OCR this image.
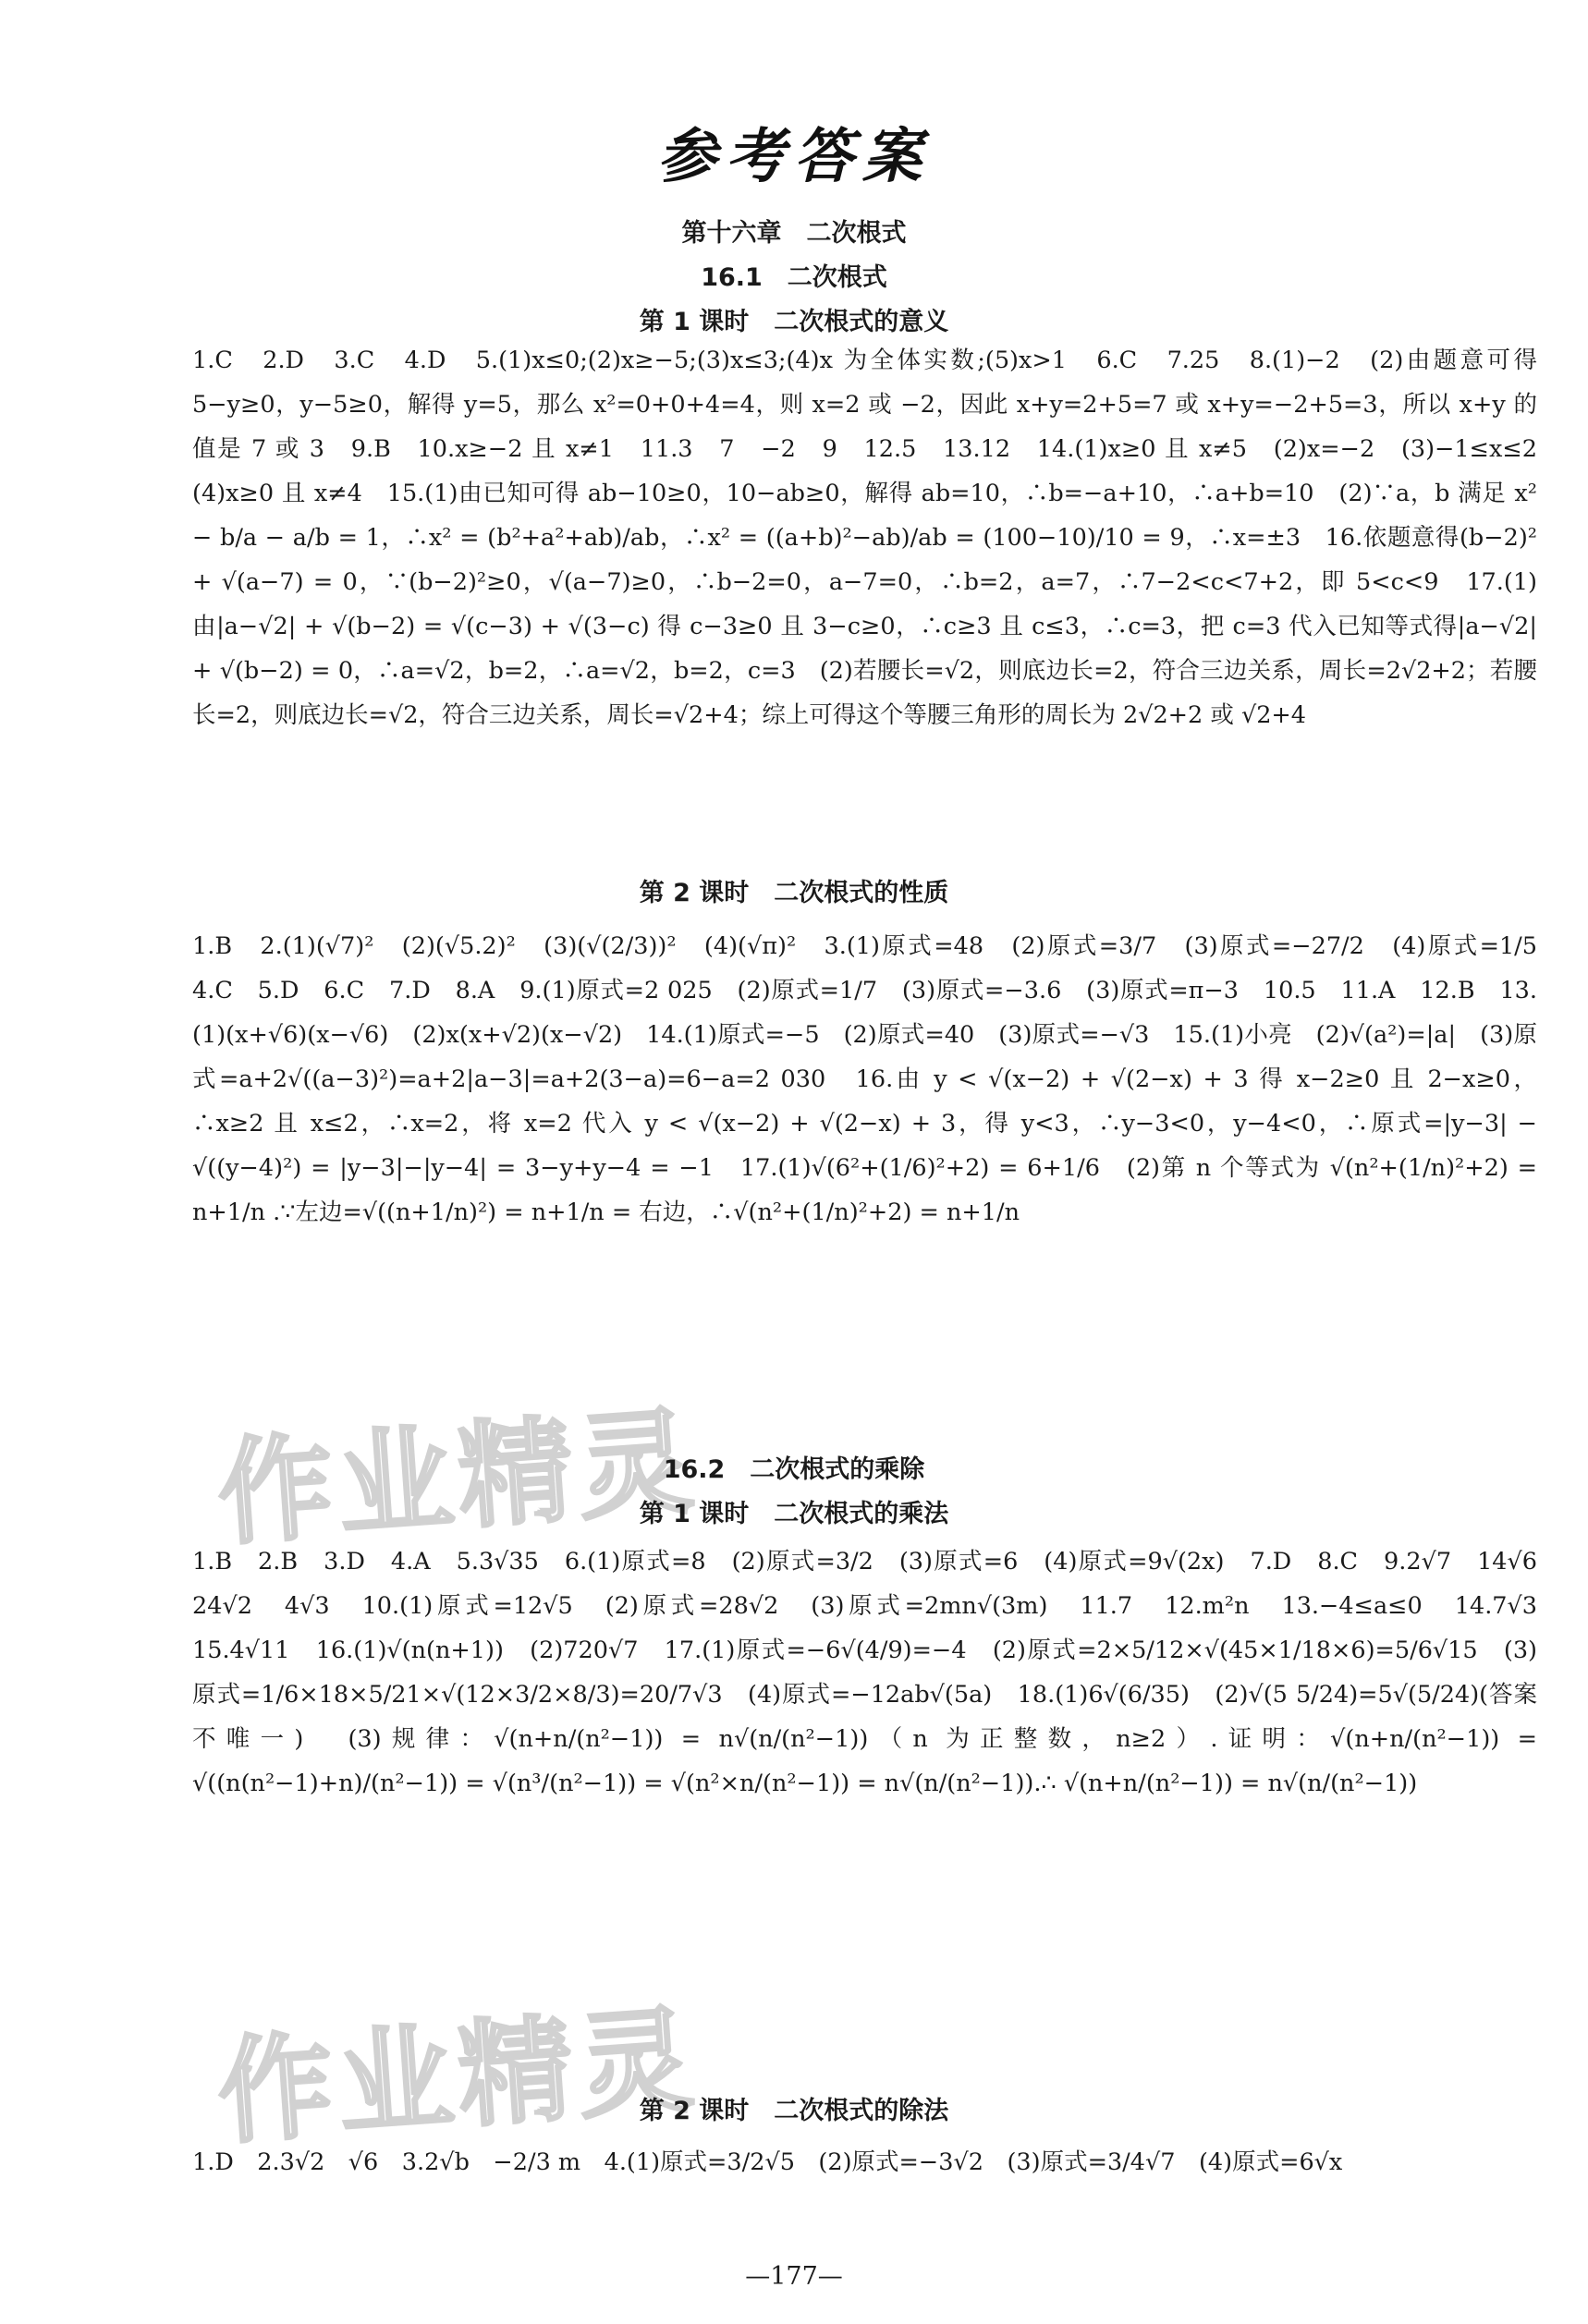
参考答案
第十六章　二次根式
16.1　二次根式
第 1 课时　二次根式的意义

1.C　2.D　3.C　4.D　5.(1)x≤0;(2)x≥−5;(3)x≤3;(4)x 为全体实数;(5)x>1　6.C　7.25　8.(1)−2　(2)由题意可得 5−y≥0，y−5≥0，解得 y=5，那么 x²=0+0+4=4，则 x=2 或 −2，因此 x+y=2+5=7 或 x+y=−2+5=3，所以 x+y 的值是 7 或 3　9.B　10.x≥−2 且 x≠1　11.3　7　−2　9　12.5　13.12　14.(1)x≥0 且 x≠5　(2)x=−2　(3)−1≤x≤2　(4)x≥0 且 x≠4　15.(1)由已知可得 ab−10≥0，10−ab≥0，解得 ab=10，∴b=−a+10，∴a+b=10　(2)∵a，b 满足 x² − b/a − a/b = 1，∴x² = (b²+a²+ab)/ab，∴x² = ((a+b)²−ab)/ab = (100−10)/10 = 9，∴x=±3　16.依题意得(b−2)² + √(a−7) = 0，∵(b−2)²≥0，√(a−7)≥0，∴b−2=0，a−7=0，∴b=2，a=7，∴7−2<c<7+2，即 5<c<9　17.(1)由|a−√2| + √(b−2) = √(c−3) + √(3−c) 得 c−3≥0 且 3−c≥0，∴c≥3 且 c≤3，∴c=3，把 c=3 代入已知等式得|a−√2| + √(b−2) = 0，∴a=√2，b=2，∴a=√2，b=2，c=3　(2)若腰长=√2，则底边长=2，符合三边关系，周长=2√2+2；若腰长=2，则底边长=√2，符合三边关系，周长=√2+4；综上可得这个等腰三角形的周长为 2√2+2 或 √2+4

第 2 课时　二次根式的性质

1.B　2.(1)(√7)²　(2)(√5.2)²　(3)(√(2/3))²　(4)(√π)²　3.(1)原式=48　(2)原式=3/7　(3)原式=−27/2　(4)原式=1/5　4.C　5.D　6.C　7.D　8.A　9.(1)原式=2 025　(2)原式=1/7　(3)原式=−3.6　(3)原式=π−3　10.5　11.A　12.B　13.(1)(x+√6)(x−√6)　(2)x(x+√2)(x−√2)　14.(1)原式=−5　(2)原式=40　(3)原式=−√3　15.(1)小亮　(2)√(a²)=|a|　(3)原式=a+2√((a−3)²)=a+2|a−3|=a+2(3−a)=6−a=2 030　16.由 y < √(x−2) + √(2−x) + 3 得 x−2≥0 且 2−x≥0，∴x≥2 且 x≤2，∴x=2，将 x=2 代入 y < √(x−2) + √(2−x) + 3，得 y<3，∴y−3<0，y−4<0，∴原式=|y−3| − √((y−4)²) = |y−3|−|y−4| = 3−y+y−4 = −1　17.(1)√(6²+(1/6)²+2) = 6+1/6　(2)第 n 个等式为 √(n²+(1/n)²+2) = n+1/n .∵左边=√((n+1/n)²) = n+1/n = 右边，∴√(n²+(1/n)²+2) = n+1/n

作业精灵
16.2　二次根式的乘除
第 1 课时　二次根式的乘法

1.B　2.B　3.D　4.A　5.3√35　6.(1)原式=8　(2)原式=3/2　(3)原式=6　(4)原式=9√(2x)　7.D　8.C　9.2√7　14√6　24√2　4√3　10.(1)原式=12√5　(2)原式=28√2　(3)原式=2mn√(3m)　11.7　12.m²n　13.−4≤a≤0　14.7√3　15.4√11　16.(1)√(n(n+1))　(2)720√7　17.(1)原式=−6√(4/9)=−4　(2)原式=2×5/12×√(45×1/18×6)=5/6√15　(3)原式=1/6×18×5/21×√(12×3/2×8/3)=20/7√3　(4)原式=−12ab√(5a)　18.(1)6√(6/35)　(2)√(5 5/24)=5√(5/24)(答案不唯一)　(3)规律：√(n+n/(n²−1)) = n√(n/(n²−1))（n 为正整数，n≥2）.证明：√(n+n/(n²−1)) = √((n(n²−1)+n)/(n²−1)) = √(n³/(n²−1)) = √(n²×n/(n²−1)) = n√(n/(n²−1)).∴ √(n+n/(n²−1)) = n√(n/(n²−1))

作业精灵
第 2 课时　二次根式的除法

1.D　2.3√2　√6　3.2√b　−2/3 m　4.(1)原式=3/2√5　(2)原式=−3√2　(3)原式=3/4√7　(4)原式=6√x

—177—
